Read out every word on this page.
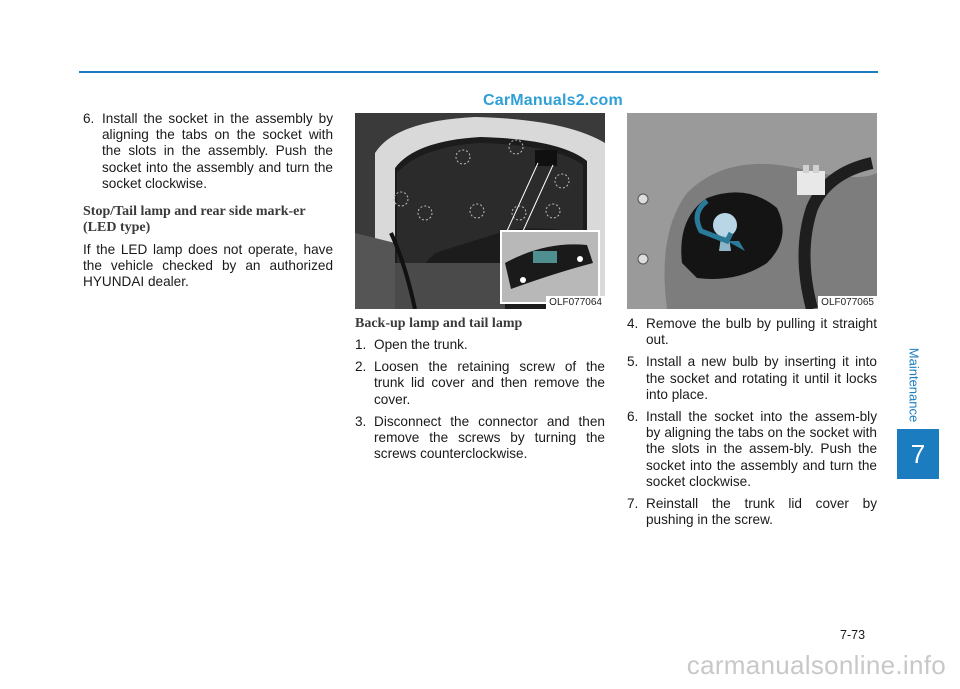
CarManuals2.com
Maintenance
7
6. Install the socket in the assembly by aligning the tabs on the socket with the slots in the assembly. Push the socket into the assembly and turn the socket clockwise.
Stop/Tail lamp and rear side mark-er (LED type)
If the LED lamp does not operate, have the vehicle checked by an authorized HYUNDAI dealer.
OLF077064	OLF077065
Back-up lamp and tail lamp
1. Open the trunk.
2. Loosen the retaining screw of the trunk lid cover and then remove the cover.
3. Disconnect the connector and then remove the screws by turning the screws counterclockwise.
4. Remove the bulb by pulling it straight out.
5. Install a new bulb by inserting it into the socket and rotating it until it locks into place.
6. Install the socket into the assem-bly by aligning the tabs on the socket with the slots in the assem-bly. Push the socket into the assembly and turn the socket clockwise.
7. Reinstall the trunk lid cover by pushing in the screw.
7-73
carmanualsonline.info
